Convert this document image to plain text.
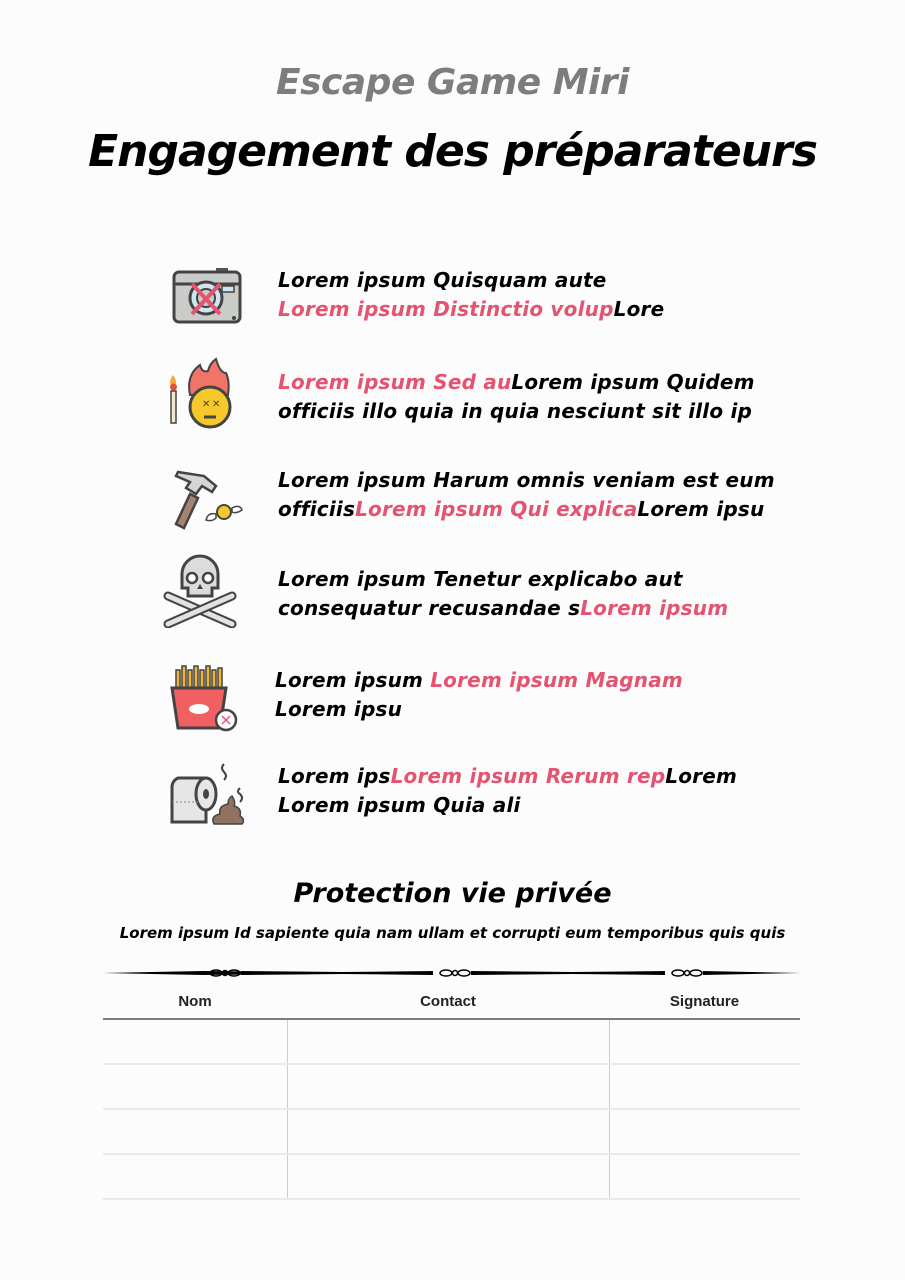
Escape Game Miri
Engagement des préparateurs
Lorem ipsum Quisquam aute
Lorem ipsum Distinctio volupLore
✕ ✕
Lorem ipsum Sed auLorem ipsum Quidem
officiis illo quia in quia nesciunt sit illo ip
Lorem ipsum Harum omnis veniam est eum
officiisLorem ipsum Qui explicaLorem ipsu
Lorem ipsum Tenetur explicabo aut
consequatur recusandae sLorem ipsum
Lorem ipsum Lorem ipsum Magnam
Lorem ipsu
Lorem ipsLorem ipsum Rerum repLorem
Lorem ipsum Quia ali
Protection vie privée
Lorem ipsum Id sapiente quia nam ullam et corrupti eum temporibus quis quis
Nom	Contact	Signature
